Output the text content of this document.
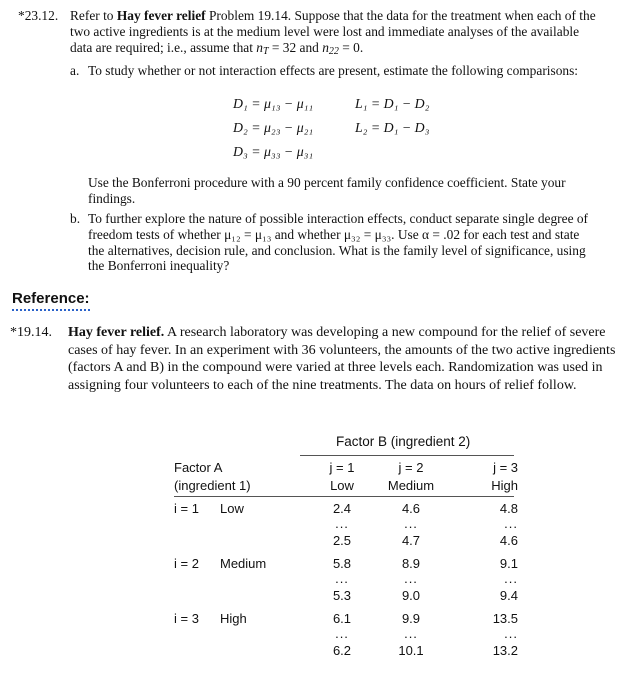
*23.12. Refer to Hay fever relief Problem 19.14. Suppose that the data for the treatment when each of the two active ingredients is at the medium level were lost and immediate analyses of the available data are required; i.e., assume that $n_T = 32$ and $n_{22} = 0$.
a. To study whether or not interaction effects are present, estimate the following comparisons:
D₁ = μ₁₃ − μ₁₁
D₂ = μ₂₃ − μ₂₁
D₃ = μ₃₃ − μ₃₁
L₁ = D₁ − D₂
L₂ = D₁ − D₃
Use the Bonferroni procedure with a 90 percent family confidence coefficient. State your findings.
b. To further explore the nature of possible interaction effects, conduct separate single degree of freedom tests of whether μ₁₂ = μ₁₃ and whether μ₃₂ = μ₃₃. Use α = .02 for each test and state the alternatives, decision rule, and conclusion. What is the family level of significance, using the Bonferroni inequality?
Reference:
*19.14. Hay fever relief. A research laboratory was developing a new compound for the relief of severe cases of hay fever. In an experiment with 36 volunteers, the amounts of the two active ingredients (factors A and B) in the compound were varied at three levels each. Randomization was used in assigning four volunteers to each of the nine treatments. The data on hours of relief follow.
Factor B (ingredient 2)
Factor A
(ingredient 1)
j = 1	j = 2	j = 3
Low	Medium	High
i = 1 Low	2.4	4.6	4.8
...	...	...
2.5	4.7	4.6
i = 2 Medium	5.8	8.9	9.1
...	...	...
5.3	9.0	9.4
i = 3 High	6.1	9.9	13.5
...	...	...
6.2	10.1	13.2
